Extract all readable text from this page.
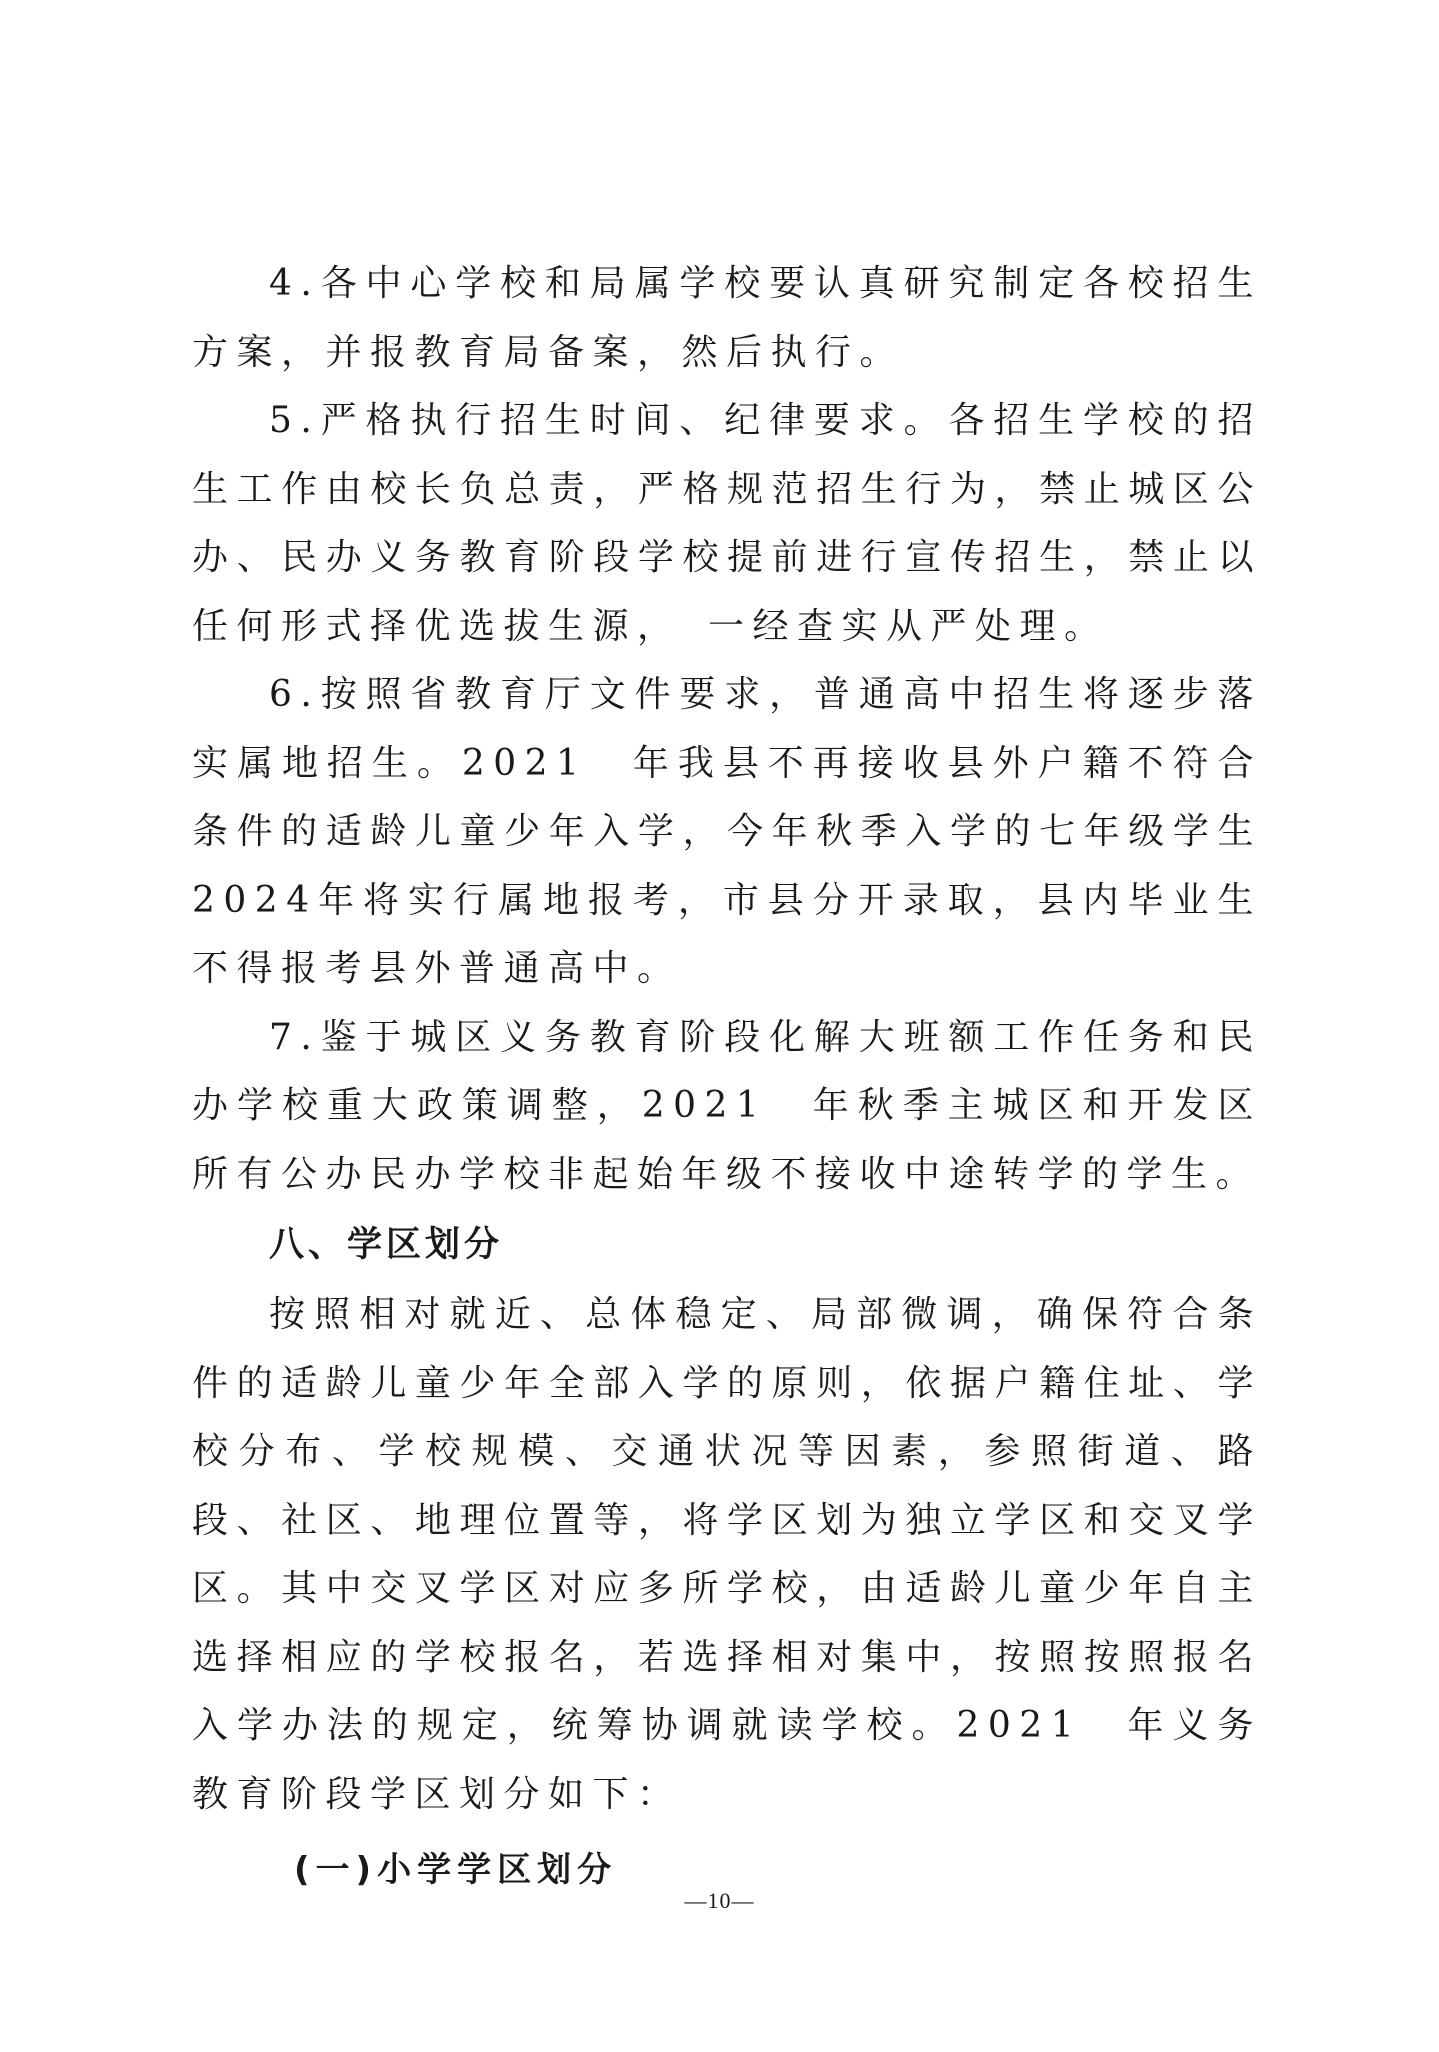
4.各中心学校和局属学校要认真研究制定各校招生方案，并报教育局备案，然后执行。

5.严格执行招生时间、纪律要求。各招生学校的招生工作由校长负总责，严格规范招生行为，禁止城区公办、民办义务教育阶段学校提前进行宣传招生，禁止以任何形式择优选拔生源，　一经查实从严处理。

6.按照省教育厅文件要求，普通高中招生将逐步落实属地招生。2021　年我县不再接收县外户籍不符合条件的适龄儿童少年入学，今年秋季入学的七年级学生2024年将实行属地报考，市县分开录取，县内毕业生不得报考县外普通高中。

7.鉴于城区义务教育阶段化解大班额工作任务和民办学校重大政策调整，2021　年秋季主城区和开发区所有公办民办学校非起始年级不接收中途转学的学生。

八、学区划分

按照相对就近、总体稳定、局部微调，确保符合条件的适龄儿童少年全部入学的原则，依据户籍住址、学校分布、学校规模、交通状况等因素，参照街道、路段、社区、地理位置等，将学区划为独立学区和交叉学区。其中交叉学区对应多所学校，由适龄儿童少年自主选择相应的学校报名，若选择相对集中，按照按照报名入学办法的规定，统筹协调就读学校。2021　年义务教育阶段学区划分如下：

(一)小学学区划分
—10—
